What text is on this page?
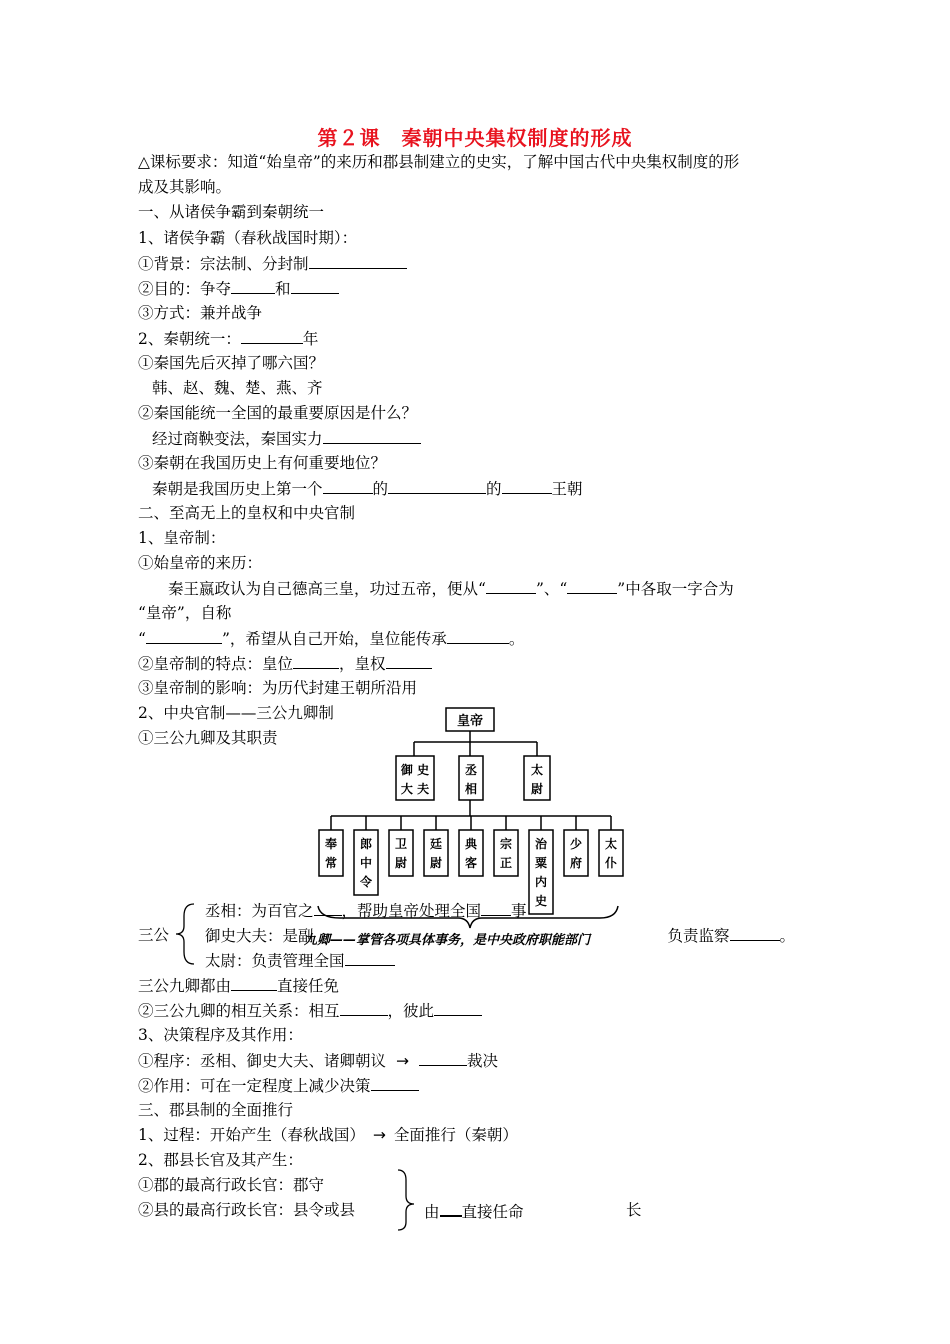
第２课　秦朝中央集权制度的形成
△课标要求：知道“始皇帝”的来历和郡县制建立的史实，了解中国古代中央集权制度的形
成及其影响。
一、从诸侯争霸到秦朝统一
1、诸侯争霸（春秋战国时期）：
①背景：宗法制、分封制
②目的：争夺	和
③方式：兼并战争
2、秦朝统一：	年
①秦国先后灭掉了哪六国？
韩、赵、魏、楚、燕、齐
②秦国能统一全国的最重要原因是什么？
经过商鞅变法，秦国实力
③秦朝在我国历史上有何重要地位？
秦朝是我国历史上第一个	的	的	王朝
二、至高无上的皇权和中央官制
1、皇帝制：
①始皇帝的来历：
秦王嬴政认为自己德高三皇，功过五帝，便从“	”、“	”中各取一字合为
“皇帝”，自称
“	”，希望从自己开始，皇位能传承	。
②皇帝制的特点：皇位	，皇权
③皇帝制的影响：为历代封建王朝所沿用
2、中央官制——三公九卿制
①三公九卿及其职责
皇帝
御 史
大 夫
丞
相
太
尉
奉
常
郎
中
令
卫
尉
廷
尉
典
客
宗
正
治
粟
内
史
少
府
太
仆
三公
丞相：为百官之 ，帮助皇帝处理全国 事
御史大夫：是副	负责监察	。
九卿——掌管各项具体事务，是中央政府职能部门
太尉：负责管理全国
三公九卿都由	直接任免
②三公九卿的相互关系：相互	，彼此
3、决策程序及其作用：
①程序：丞相、御史大夫、诸卿朝议 →	裁决
②作用：可在一定程度上减少决策
三、郡县制的全面推行
1、过程：开始产生（春秋战国） → 全面推行（秦朝）
2、郡县长官及其产生：
①郡的最高行政长官：郡守
②县的最高行政长官：县令或县	由 直接任命	长
